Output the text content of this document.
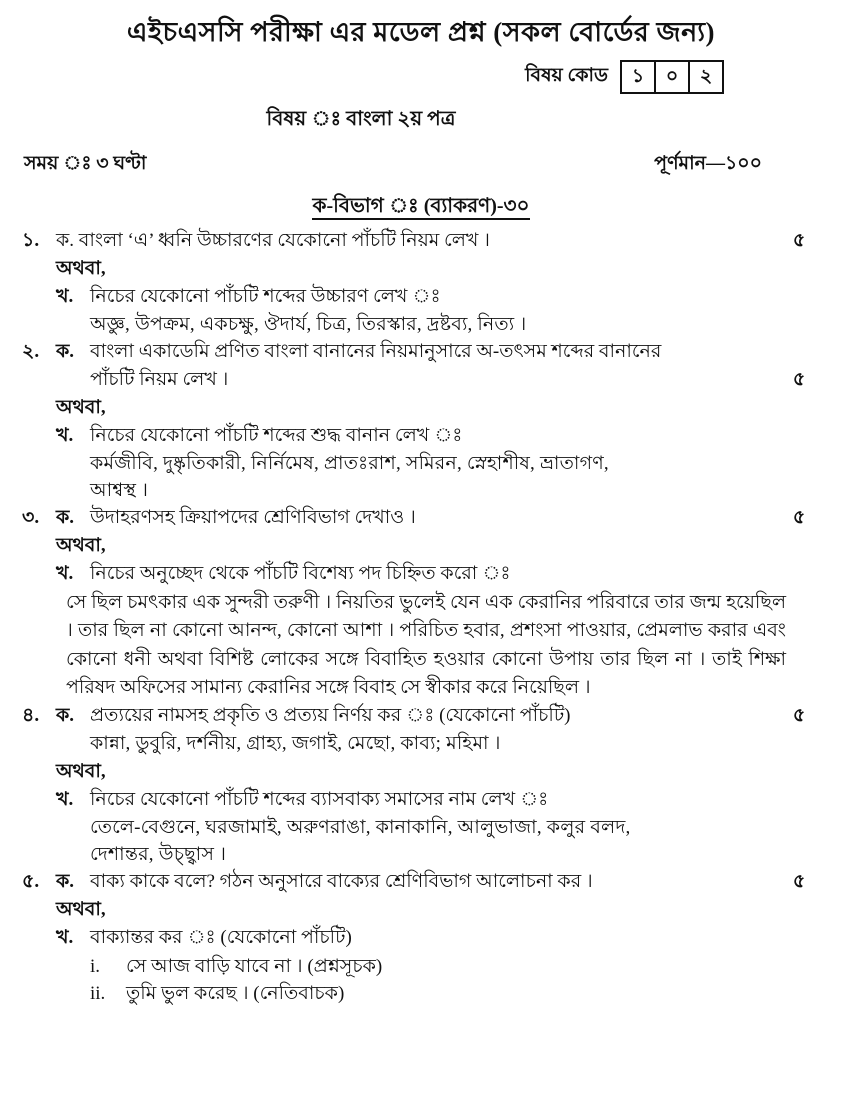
এইচএসসি পরীক্ষা এর মডেল প্রশ্ন (সকল বোর্ডের জন্য)
বিষয় কোড	১	০	২
বিষয় ঃ বাংলা ২য় পত্র
সময় ঃ ৩ ঘণ্টা	পূর্ণমান—১০০
ক-বিভাগ ঃ (ব্যাকরণ)-৩০
১. ক. বাংলা ‘এ’ ধ্বনি উচ্চারণের যেকোনো পাঁচটি নিয়ম লেখ ।	৫
অথবা,
খ. নিচের যেকোনো পাঁচটি শব্দের উচ্চারণ লেখ ঃ
অজ্ঞু, উপক্রম, একচক্ষু, ঔদার্য, চিত্র, তিরস্কার, দ্রষ্টব্য, নিত্য ।
২. ক. বাংলা একাডেমি প্রণিত বাংলা বানানের নিয়মানুসারে অ-তৎসম শব্দের বানানের
পাঁচটি নিয়ম লেখ ।	৫
অথবা,
খ. নিচের যেকোনো পাঁচটি শব্দের শুদ্ধ বানান লেখ ঃ
কর্মজীবি, দুষ্কৃতিকারী, নির্নিমেষ, প্রাতঃরাশ, সমিরন, স্নেহাশীষ, ভ্রাতাগণ,
আশ্বস্থ ।
৩. ক. উদাহরণসহ ক্রিয়াপদের শ্রেণিবিভাগ দেখাও ।	৫
অথবা,
খ. নিচের অনুচ্ছেদ থেকে পাঁচটি বিশেষ্য পদ চিহ্নিত করো ঃ
সে ছিল চমৎকার এক সুন্দরী তরুণী । নিয়তির ভুলেই যেন এক কেরানির পরিবারে তার জন্ম হয়েছিল । তার ছিল না কোনো আনন্দ, কোনো আশা । পরিচিত হবার, প্রশংসা পাওয়ার, প্রেমলাভ করার এবং কোনো ধনী অথবা বিশিষ্ট লোকের সঙ্গে বিবাহিত হওয়ার কোনো উপায় তার ছিল না । তাই শিক্ষা পরিষদ অফিসের সামান্য কেরানির সঙ্গে বিবাহ সে স্বীকার করে নিয়েছিল ।
৪. ক. প্রত্যয়ের নামসহ প্রকৃতি ও প্রত্যয় নির্ণয় কর ঃ (যেকোনো পাঁচটি)	৫
কান্না, ডুবুরি, দর্শনীয়, গ্রাহ্য, জগাই, মেছো, কাব্য; মহিমা ।
অথবা,
খ. নিচের যেকোনো পাঁচটি শব্দের ব্যাসবাক্য সমাসের নাম লেখ ঃ
তেলে-বেগুনে, ঘরজামাই, অরুণরাঙা, কানাকানি, আলুভাজা, কলুর বলদ,
দেশান্তর, উচ্ছ্বাস ।
৫. ক. বাক্য কাকে বলে? গঠন অনুসারে বাক্যের শ্রেণিবিভাগ আলোচনা কর ।	৫
অথবা,
খ. বাক্যান্তর কর ঃ (যেকোনো পাঁচটি)
i.	সে আজ বাড়ি যাবে না । (প্রশ্নসূচক)
ii.	তুমি ভুল করেছ । (নেতিবাচক)
